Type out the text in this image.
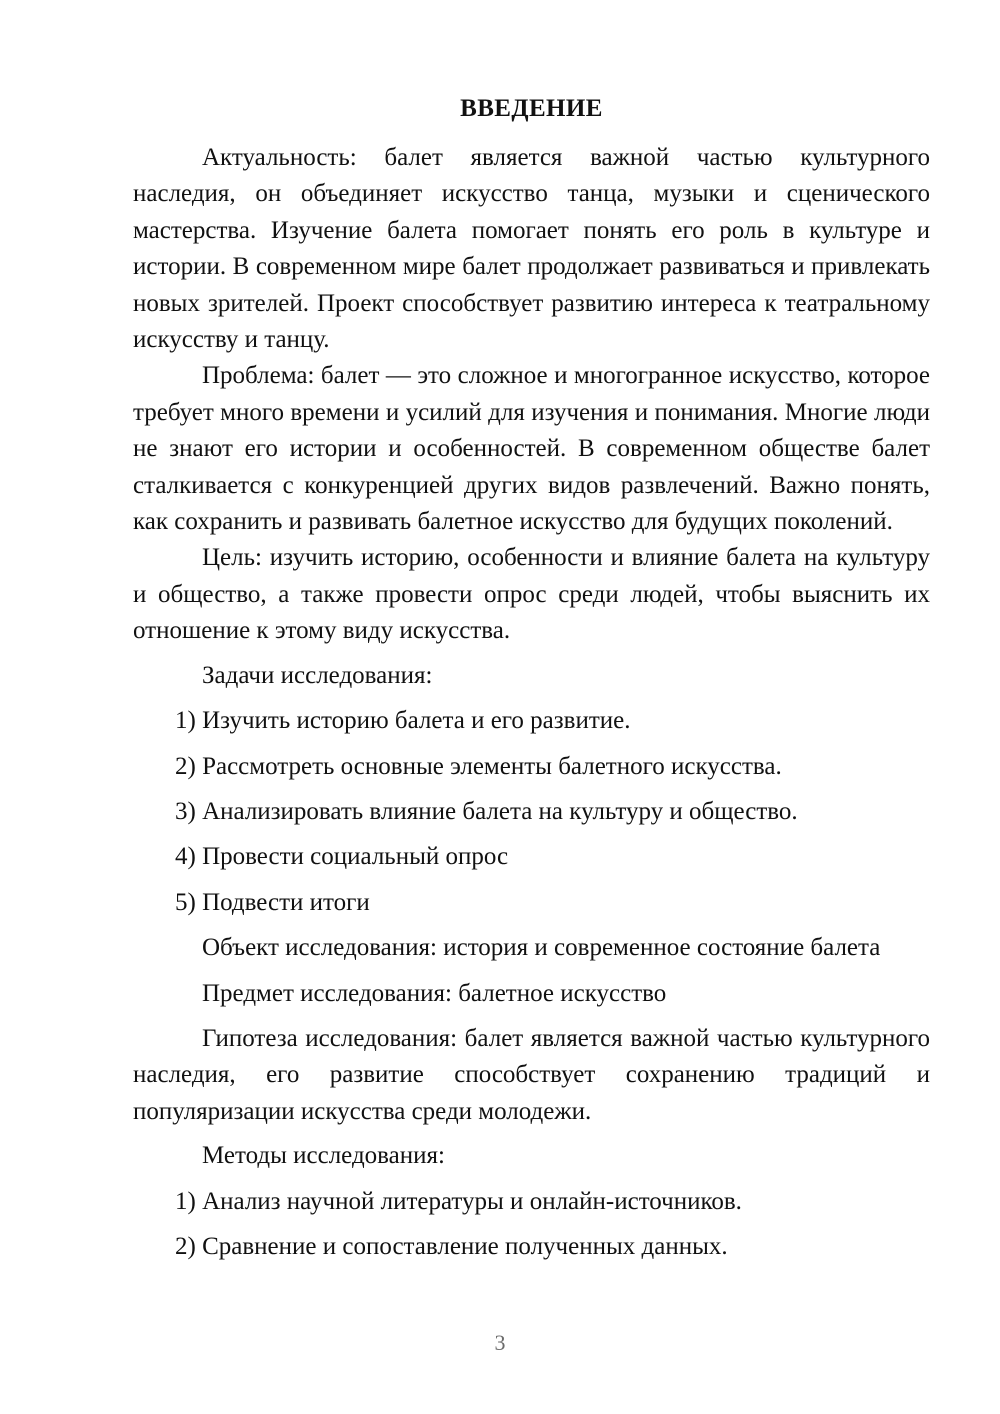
ВВЕДЕНИЕ

Актуальность: балет является важной частью культурного наследия, он объединяет искусство танца, музыки и сценического мастерства. Изучение балета помогает понять его роль в культуре и истории. В современном мире балет продолжает развиваться и привлекать новых зрителей. Проект способствует развитию интереса к театральному искусству и танцу.

Проблема: балет — это сложное и многогранное искусство, которое требует много времени и усилий для изучения и понимания. Многие люди не знают его истории и особенностей. В современном обществе балет сталкивается с конкуренцией других видов развлечений. Важно понять, как сохранить и развивать балетное искусство для будущих поколений.

Цель: изучить историю, особенности и влияние балета на культуру и общество, а также провести опрос среди людей, чтобы выяснить их отношение к этому виду искусства.

Задачи исследования:

1) Изучить историю балета и его развитие.
2) Рассмотреть основные элементы балетного искусства.
3) Анализировать влияние балета на культуру и общество.
4) Провести социальный опрос
5) Подвести итоги

Объект исследования: история и современное состояние балета

Предмет исследования: балетное искусство

Гипотеза исследования: балет является важной частью культурного наследия, его развитие способствует сохранению традиций и популяризации искусства среди молодежи.

Методы исследования:

1) Анализ научной литературы и онлайн-источников.
2) Сравнение и сопоставление полученных данных.
3
